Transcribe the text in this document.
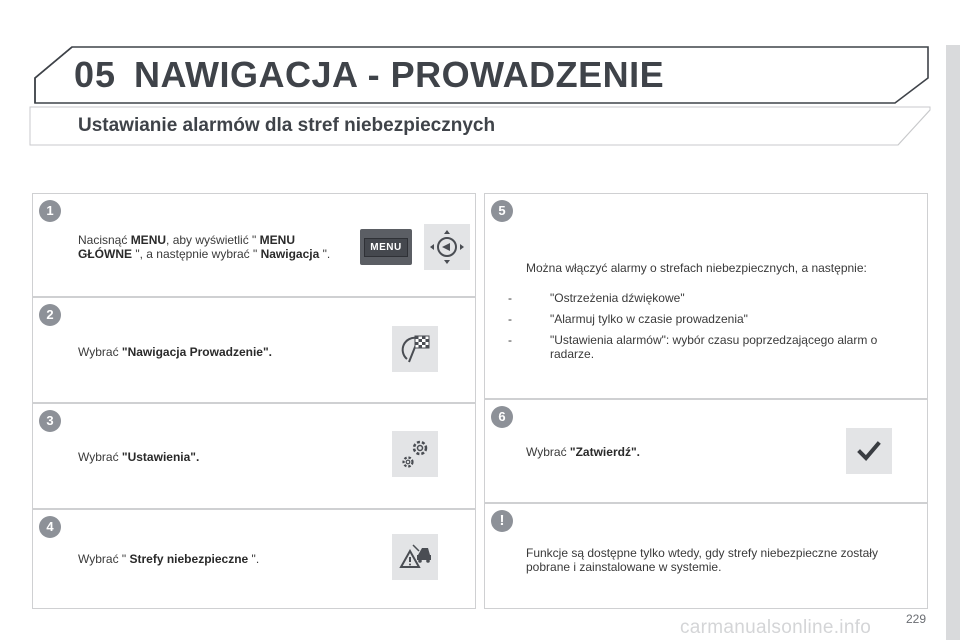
05 NAWIGACJA - PROWADZENIE
Ustawianie alarmów dla stref niebezpiecznych
1
Nacisnąć MENU, aby wyświetlić " MENU
GŁÓWNE ", a następnie wybrać " Nawigacja ".	MENU
2
Wybrać "Nawigacja Prowadzenie".
3
Wybrać "Ustawienia".
4
Wybrać " Strefy niebezpieczne ".
5
Można włączyć alarmy o strefach niebezpiecznych, a następnie:
-	"Ostrzeżenia dźwiękowe"
-	"Alarmuj tylko w czasie prowadzenia"
-	"Ustawienia alarmów": wybór czasu poprzedzającego alarm o radarze.
6
Wybrać "Zatwierdź".
!
Funkcje są dostępne tylko wtedy, gdy strefy niebezpieczne zostały pobrane i zainstalowane w systemie.
carmanualsonline.info	229
